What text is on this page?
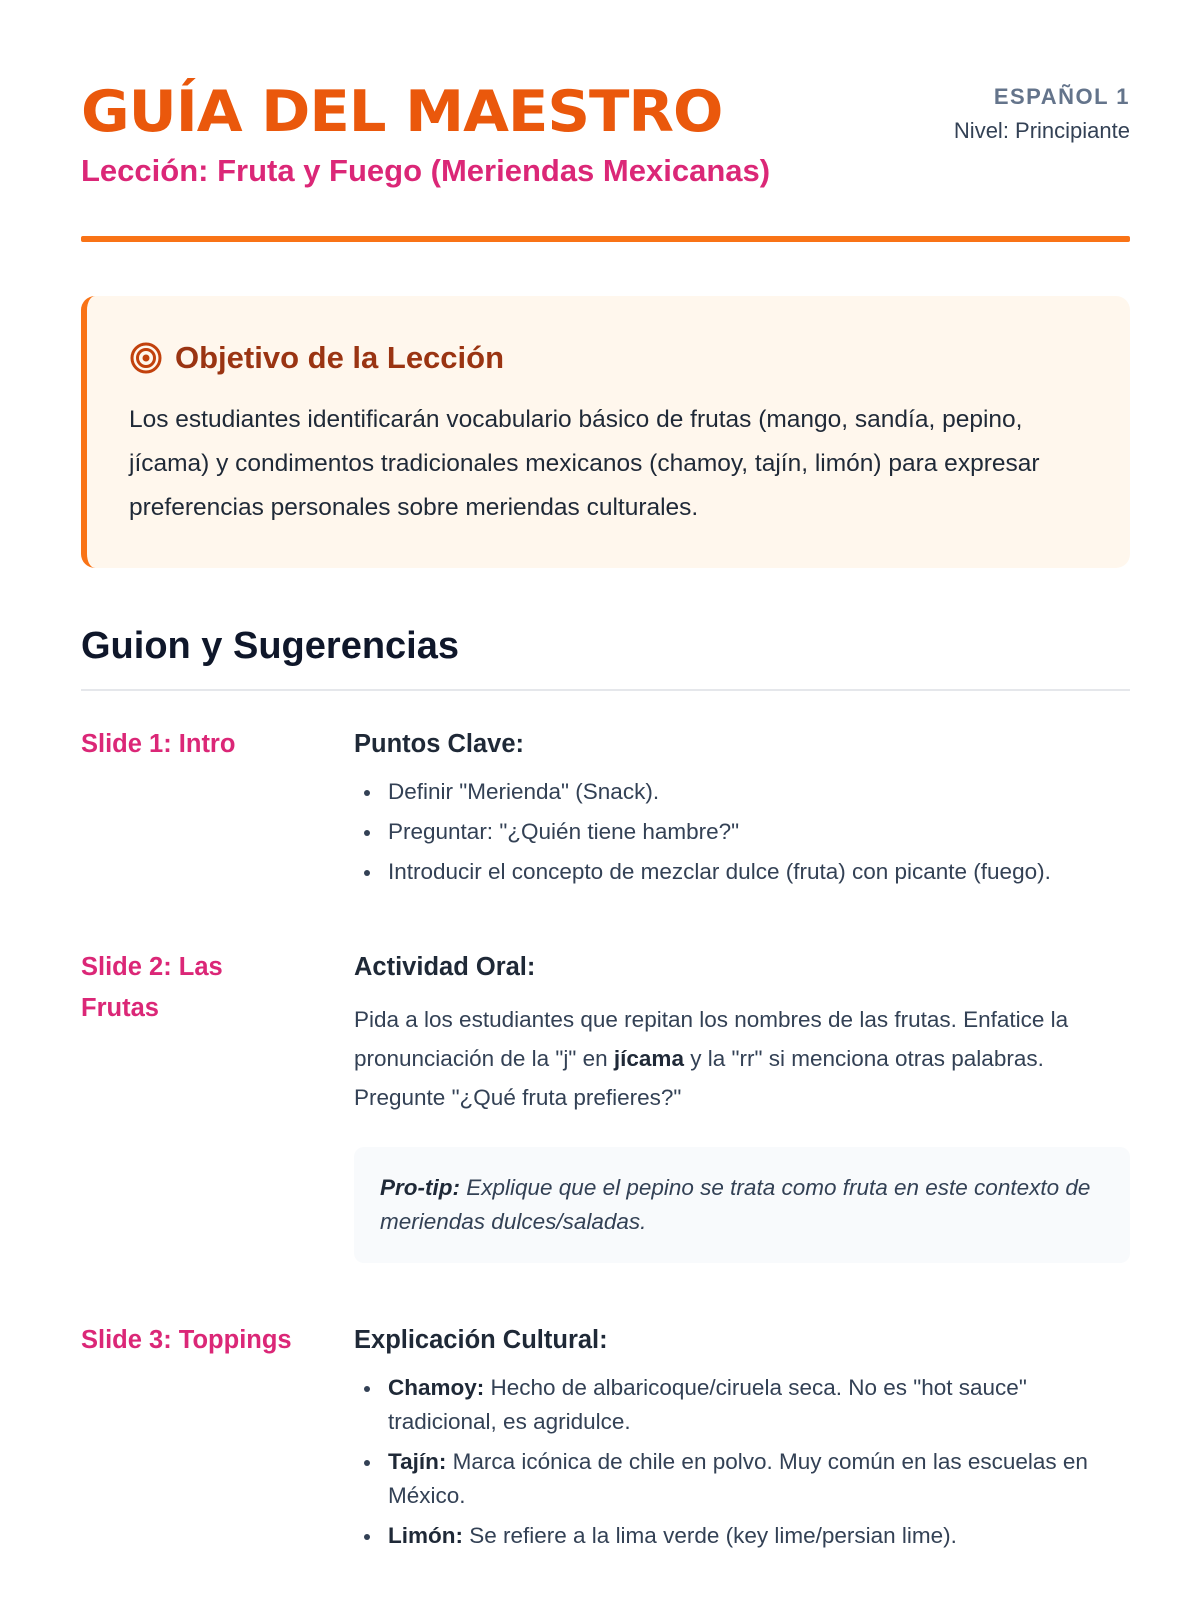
GUÍA DEL MAESTRO
Lección: Fruta y Fuego (Meriendas Mexicanas)
ESPAÑOL 1
Nivel: Principiante
Objetivo de la Lección

Los estudiantes identificarán vocabulario básico de frutas (mango, sandía, pepino, jícama) y condimentos tradicionales mexicanos (chamoy, tajín, limón) para expresar preferencias personales sobre meriendas culturales.

Guion y Sugerencias
Slide 1: Intro	Puntos Clave:
Definir "Merienda" (Snack).
Preguntar: "¿Quién tiene hambre?"
Introducir el concepto de mezclar dulce (fruta) con picante (fuego).
Slide 2: Las Frutas
Actividad Oral:

Pida a los estudiantes que repitan los nombres de las frutas. Enfatice la pronunciación de la "j" en jícama y la "rr" si menciona otras palabras. Pregunte "¿Qué fruta prefieres?"

Pro-tip: Explique que el pepino se trata como fruta en este contexto de meriendas dulces/saladas.
Slide 3: Toppings	Explicación Cultural:
Chamoy: Hecho de albaricoque/ciruela seca. No es "hot sauce" tradicional, es agridulce.
Tajín: Marca icónica de chile en polvo. Muy común en las escuelas en México.
Limón: Se refiere a la lima verde (key lime/persian lime).
